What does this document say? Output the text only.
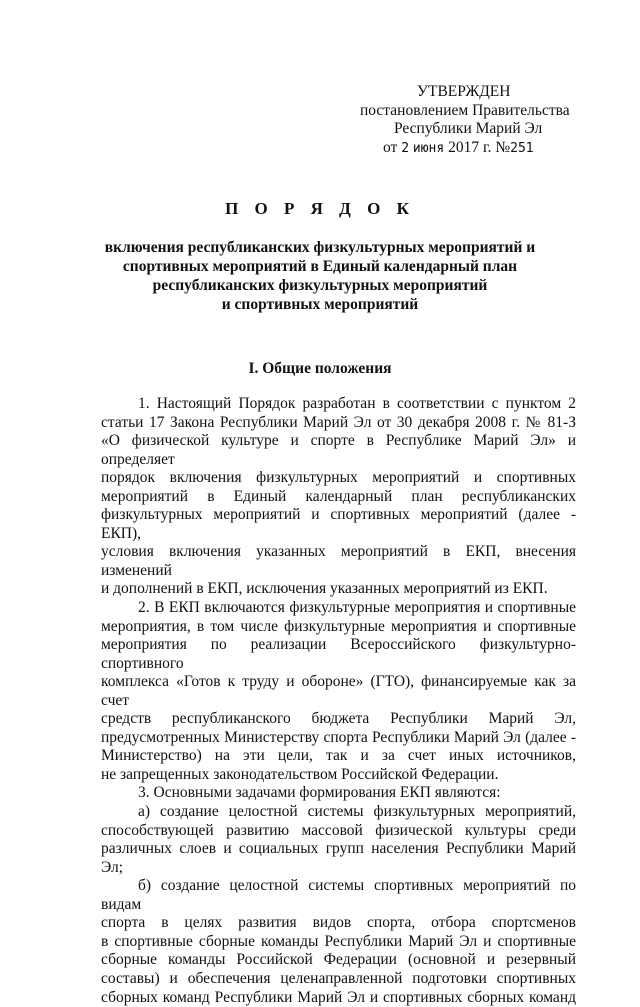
УТВЕРЖДЕН
постановлением Правительства
Республики Марий Эл
от 2 июня 2017 г. №251
П О Р Я Д О К
включения республиканских физкультурных мероприятий и
спортивных мероприятий в Единый календарный план
республиканских физкультурных мероприятий
и спортивных мероприятий
I. Общие положения

1. Настоящий Порядок разработан в соответствии с пунктом 2

статьи 17 Закона Республики Марий Эл от 30 декабря 2008 г. № 81-З

«О физической культуре и спорте в Республике Марий Эл» и определяет

порядок включения физкультурных мероприятий и спортивных

мероприятий в Единый календарный план республиканских

физкультурных мероприятий и спортивных мероприятий (далее - ЕКП),

условия включения указанных мероприятий в ЕКП, внесения изменений

и дополнений в ЕКП, исключения указанных мероприятий из ЕКП.

2. В ЕКП включаются физкультурные мероприятия и спортивные

мероприятия, в том числе физкультурные мероприятия и спортивные

мероприятия по реализации Всероссийского физкультурно-спортивного

комплекса «Готов к труду и обороне» (ГТО), финансируемые как за счет

средств республиканского бюджета Республики Марий Эл,

предусмотренных Министерству спорта Республики Марий Эл (далее -

Министерство) на эти цели, так и за счет иных источников,

не запрещенных законодательством Российской Федерации.

3. Основными задачами формирования ЕКП являются:

а) создание целостной системы физкультурных мероприятий,

способствующей развитию массовой физической культуры среди

различных слоев и социальных групп населения Республики Марий Эл;

б) создание целостной системы спортивных мероприятий по видам

спорта в целях развития видов спорта, отбора спортсменов

в спортивные сборные команды Республики Марий Эл и спортивные

сборные команды Российской Федерации (основной и резервный

составы) и обеспечения целенаправленной подготовки спортивных

сборных команд Республики Марий Эл и спортивных сборных команд
